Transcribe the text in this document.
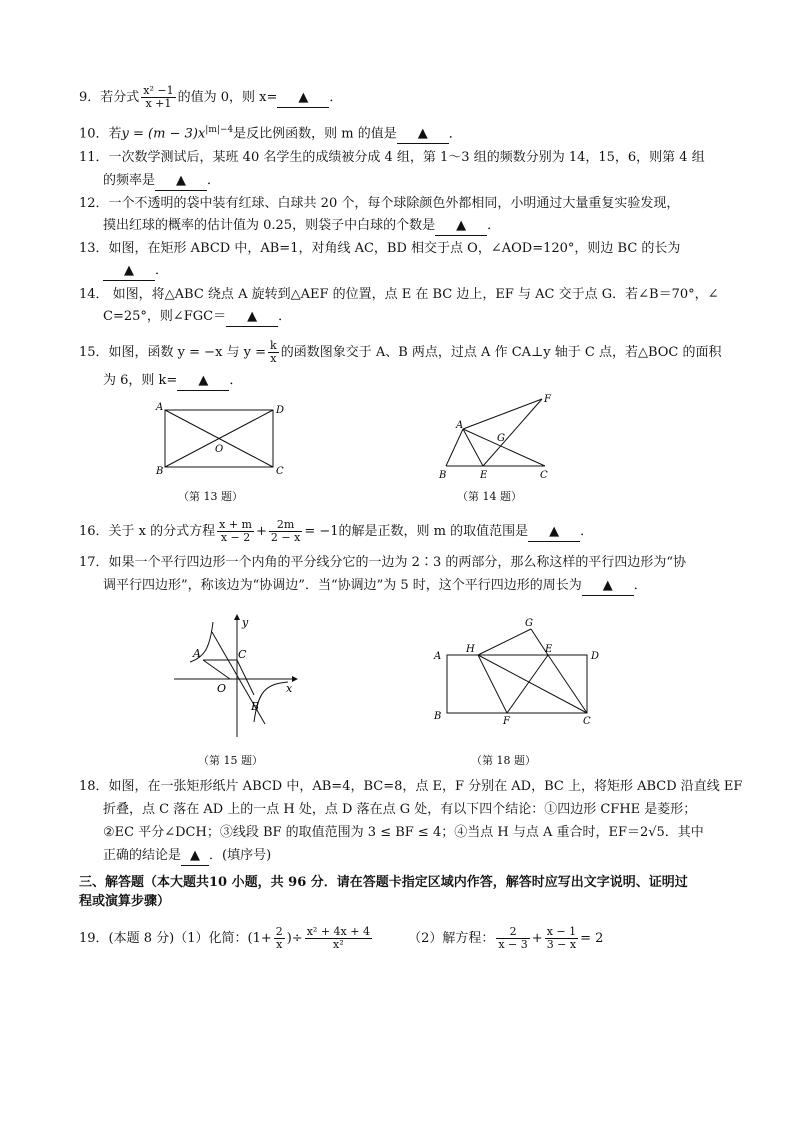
9．若分式 $\frac{\text{x² −1}}{x +1}$ 的值为 0，则 x= ▲ ．
10．若$y = (m - 3)x^{|m|-4}$是反比例函数，则 m 的值是 ▲ ．
11．一次数学测试后，某班 40 名学生的成绩被分成 4 组，第 1～3 组的频数分别为 14，15，6，则第 4 组
的频率是 ▲ ．
12．一个不透明的袋中装有红球、白球共 20 个，每个球除颜色外都相同，小明通过大量重复实验发现，
摸出红球的概率的估计值为 0.25，则袋子中白球的个数是 ▲ ．
13．如图，在矩形 ABCD 中，AB=1，对角线 AC，BD 相交于点 O，∠AOD=120°，则边 BC 的长为
▲ ．
14． 如图，将△ABC 绕点 A 旋转到△AEF 的位置，点 E 在 BC 边上，EF 与 AC 交于点 G．若∠B＝70°，∠
C=25°，则∠FGC＝ ▲ ．
15．如图，函数 y = −x 与 $y = \frac{k}{x}$ 的函数图象交于 A、B 两点，过点 A 作 CA⊥y 轴于 C 点，若△BOC 的面积
为 6，则 k= ▲ ．
A	D
B	C
O
（第 13 题）
F
A
G
B	E	C
（第 14 题）
16．关于 x 的分式方程 $\frac{x + m}{x - 2} + \frac{2m}{2 - x} = -1$的解是正数，则 m 的取值范围是 ▲ ．
17．如果一个平行四边形一个内角的平分线分它的一边为 2∶3 的两部分，那么称这样的平行四边形为“协
调平行四边形”，称该边为“协调边”．当“协调边”为 5 时，这个平行四边形的周长为 ▲ ．
y
A	C
O	x
B
（第 15 题）
G
H	E
A	D
B	F	C
（第 18 题）
18．如图，在一张矩形纸片 ABCD 中，AB=4，BC=8，点 E，F 分别在 AD，BC 上，将矩形 ABCD 沿直线 EF
折叠，点 C 落在 AD 上的一点 H 处，点 D 落在点 G 处，有以下四个结论：①四边形 CFHE 是菱形；
②EC 平分∠DCH；③线段 BF 的取值范围为 3 ≤ BF ≤ 4；④当点 H 与点 A 重合时，EF＝2√5．其中
正确的结论是 ▲ ．(填序号)
三、解答题（本大题共10 小题，共 96 分．请在答题卡指定区域内作答，解答时应写出文字说明、证明过
程或演算步骤）
19．(本题 8 分)（1）化简：($1+ \frac{2}{x}$ )÷ $\frac{\text{x² + 4x + 4}}{\text{x²}}$	（2）解方程： $\frac{2}{x - 3} + \frac{x - 1}{3 - x} = 2$
